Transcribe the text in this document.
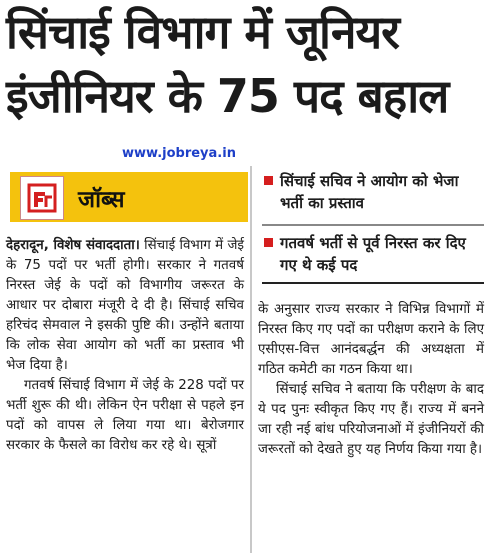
सिंचाई विभाग में जूनियर
इंजीनियर के 75 पद बहाल
www.jobreya.in
जॉब्स
सिंचाई सचिव ने आयोग को भेजा भर्ती का प्रस्ताव
गतवर्ष भर्ती से पूर्व निरस्त कर दिए गए थे कई पद

देहरादून, विशेष संवाददाता। सिंचाई विभाग में जेई के 75 पदों पर भर्ती होगी। सरकार ने गतवर्ष निरस्त जेई के पदों को विभागीय जरूरत के आधार पर दोबारा मंजूरी दे दी है। सिंचाई सचिव हरिचंद सेमवाल ने इसकी पुष्टि की। उन्होंने बताया कि लोक सेवा आयोग को भर्ती का प्रस्ताव भी भेज दिया है।

गतवर्ष सिंचाई विभाग में जेई के 228 पदों पर भर्ती शुरू की थी। लेकिन ऐन परीक्षा से पहले इन पदों को वापस ले लिया गया था। बेरोजगार सरकार के फैसले का विरोध कर रहे थे। सूत्रों

के अनुसार राज्य सरकार ने विभिन्न विभागों में निरस्त किए गए पदों का परीक्षण कराने के लिए एसीएस-वित्त आनंदबर्द्धन की अध्यक्षता में गठित कमेटी का गठन किया था।

सिंचाई सचिव ने बताया कि परीक्षण के बाद ये पद पुनः स्वीकृत किए गए हैं। राज्य में बनने जा रही नई बांध परियोजनाओं में इंजीनियरों की जरूरतों को देखते हुए यह निर्णय किया गया है।
